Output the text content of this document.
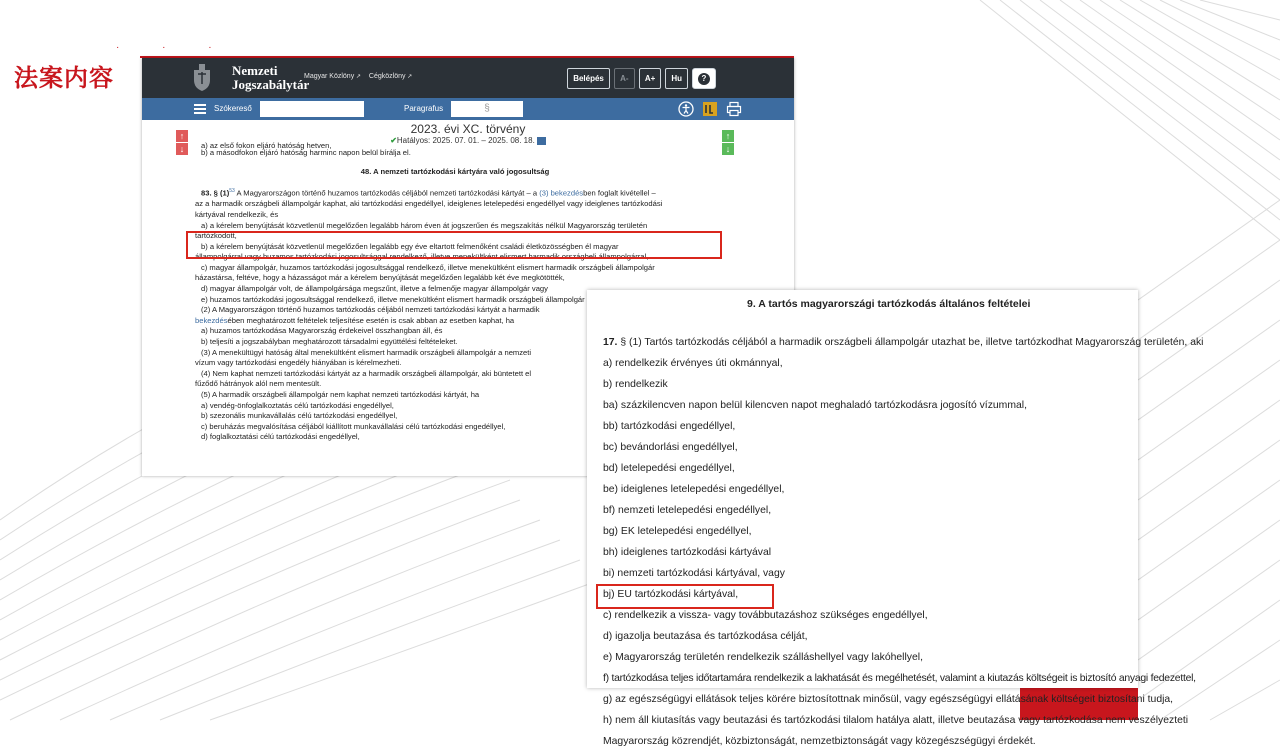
法案内容
· · ·
Nemzeti
Jogszabálytár
Magyar Közlöny ↗	Cégközlöny ↗	Belépés	A-	A+	Hu	?
Szókereső	Paragrafus	§
2023. évi XC. törvény
✔Hatályos: 2025. 07. 01. – 2025. 08. 18.
↑
↓
↑
↓

b) a másodfokon eljáró hatóság harminc napon belül bírálja el.

48. A nemzeti tartózkodási kártyára való jogosultság

83. § $(1)^{53}$ A Magyarországon történő huzamos tartózkodás céljából nemzeti tartózkodási kártyát – a (3) bekezdésben foglalt kivétellel –

az a harmadik országbeli állampolgár kaphat, aki tartózkodási engedéllyel, ideiglenes letelepedési engedéllyel vagy ideiglenes tartózkodási

kártyával rendelkezik, és

a) a kérelem benyújtását közvetlenül megelőzően legalább három éven át jogszerűen és megszakítás nélkül Magyarország területén

tartózkodott,

b) a kérelem benyújtását közvetlenül megelőzően legalább egy éve eltartott felmenőként családi életközösségben él magyar

állampolgárral vagy huzamos tartózkodási jogosultsággal rendelkező, illetve menekültként elismert harmadik országbeli állampolgárral,

c) magyar állampolgár, huzamos tartózkodási jogosultsággal rendelkező, illetve menekültként elismert harmadik országbeli állampolgár

házastársa, feltéve, hogy a házasságot már a kérelem benyújtását megelőzően legalább két éve megkötötték,

d) magyar állampolgár volt, de állampolgársága megszűnt, illetve a felmenője magyar állampolgár vagy

e) huzamos tartózkodási jogosultsággal rendelkező, illetve menekültként elismert harmadik országbeli állampolgár

(2) A Magyarországon történő huzamos tartózkodás céljából nemzeti tartózkodási kártyát a harmadik

bekezdésében meghatározott feltételek teljesítése esetén is csak abban az esetben kaphat, ha

a) huzamos tartózkodása Magyarország érdekeivel összhangban áll, és

b) teljesíti a jogszabályban meghatározott társadalmi együttélési feltételeket.

(3) A menekültügyi hatóság által menekültként elismert harmadik országbeli állampolgár a nemzeti

vízum vagy tartózkodási engedély hiányában is kérelmezheti.

(4) Nem kaphat nemzeti tartózkodási kártyát az a harmadik országbeli állampolgár, aki büntetett el

fűződő hátrányok alól nem mentesült.

(5) A harmadik országbeli állampolgár nem kaphat nemzeti tartózkodási kártyát, ha

a) vendég-önfoglalkoztatás célú tartózkodási engedéllyel,

b) szezonális munkavállalás célú tartózkodási engedéllyel,

c) beruházás megvalósítása céljából kiállított munkavállalási célú tartózkodási engedéllyel,

d) foglalkoztatási célú tartózkodási engedéllyel,

a) az első fokon eljáró hatóság hetven,

9. A tartós magyarországi tartózkodás általános feltételei

17. § (1) Tartós tartózkodás céljából a harmadik országbeli állampolgár utazhat be, illetve tartózkodhat Magyarország területén, aki

a) rendelkezik érvényes úti okmánnyal,

b) rendelkezik

ba) százkilencven napon belül kilencven napot meghaladó tartózkodásra jogosító vízummal,

bb) tartózkodási engedéllyel,

bc) bevándorlási engedéllyel,

bd) letelepedési engedéllyel,

be) ideiglenes letelepedési engedéllyel,

bf) nemzeti letelepedési engedéllyel,

bg) EK letelepedési engedéllyel,

bh) ideiglenes tartózkodási kártyával

bi) nemzeti tartózkodási kártyával, vagy

bj) EU tartózkodási kártyával,

c) rendelkezik a vissza- vagy továbbutazáshoz szükséges engedéllyel,

d) igazolja beutazása és tartózkodása célját,

e) Magyarország területén rendelkezik szálláshellyel vagy lakóhellyel,

f) tartózkodása teljes időtartamára rendelkezik a lakhatását és megélhetését, valamint a kiutazás költségeit is biztosító anyagi fedezettel,

g) az egészségügyi ellátások teljes körére biztosítottnak minősül, vagy egészségügyi ellátásának költségeit biztosítani tudja,

h) nem áll kiutasítás vagy beutazási és tartózkodási tilalom hatálya alatt, illetve beutazása vagy tartózkodása nem veszélyezteti

Magyarország közrendjét, közbiztonságát, nemzetbiztonságát vagy közegészségügyi érdekét.
